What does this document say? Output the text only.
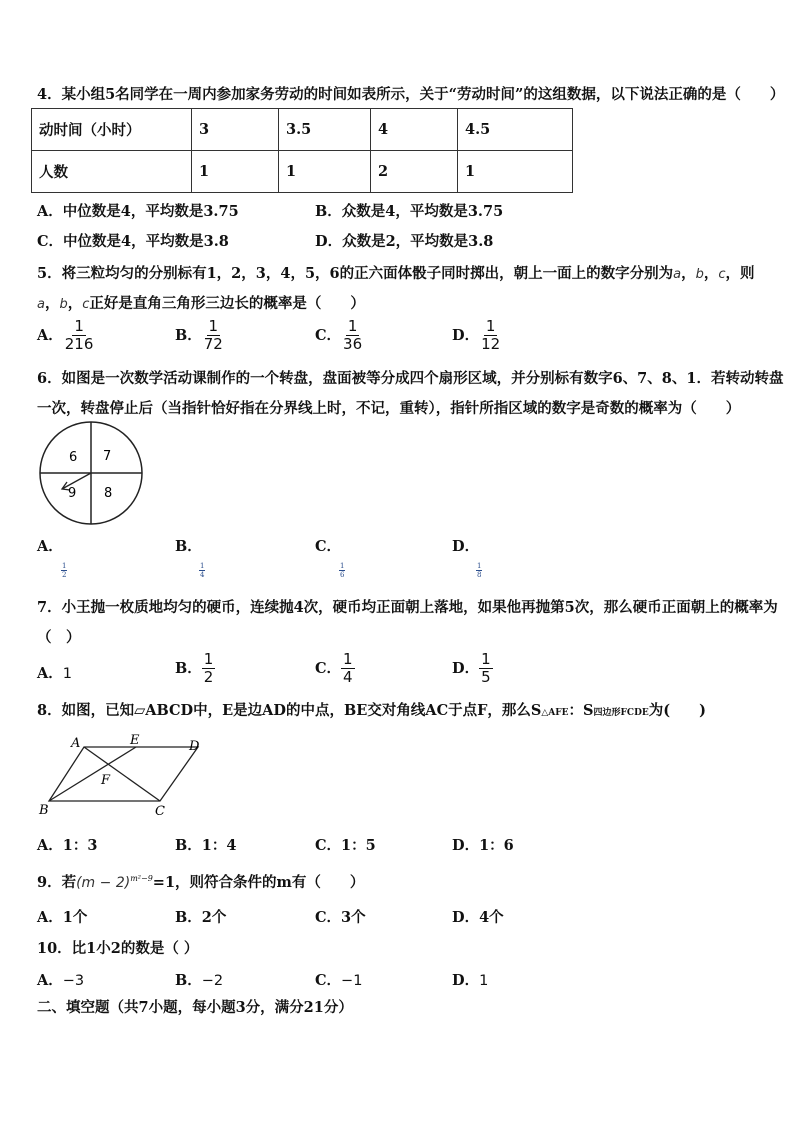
4．某小组5名同学在一周内参加家务劳动的时间如表所示，关于“劳动时间”的这组数据，以下说法正确的是（　　）
动时间（小时）	3	3.5	4	4.5
人数	1	1	2	1
A．中位数是4，平均数是3.75	B．众数是4，平均数是3.75
C．中位数是4，平均数是3.8	D．众数是2，平均数是3.8
5．将三粒均匀的分别标有1，2，3，4，5，6的正六面体骰子同时掷出，朝上一面上的数字分别为a，b，c，则
a，b，c正好是直角三角形三边长的概率是（　　）
A． $\frac{1}{216}$	B． $\frac{1}{72}$	C． $\frac{1}{36}$	D． $\frac{1}{12}$
6．如图是一次数学活动课制作的一个转盘，盘面被等分成四个扇形区域，并分别标有数字6、7、8、1．若转动转盘
一次，转盘停止后（当指针恰好指在分界线上时，不记，重转），指针所指区域的数字是奇数的概率为（　　）
6 7
9 8
A．

$\frac{1}{2}$
B．

$\frac{1}{4}$
C．

$\frac{1}{6}$
D．

$\frac{1}{8}$
7．小王抛一枚质地均匀的硬币，连续抛4次，硬币均正面朝上落地，如果他再抛第5次，那么硬币正面朝上的概率为
（　）
A．1	B． $\frac{1}{2}$	C． $\frac{1}{4}$	D． $\frac{1}{5}$
8．如图，已知▱ABCD中，E是边AD的中点，BE交对角线AC于点F，那么S△AFE：S四边形FCDE为(　　)
A	E	D
F
B	C
A．1：3	B．1：4	C．1：5	D．1：6
9．若$(m - 2)^{m^2-9}=1$，则符合条件的m有（　　）
A．1个	B．2个	C．3个	D．4个
10．比1小2的数是（ ）
A．−3	B．−2	C．−1	D．1
二、填空题（共7小题，每小题3分，满分21分）
